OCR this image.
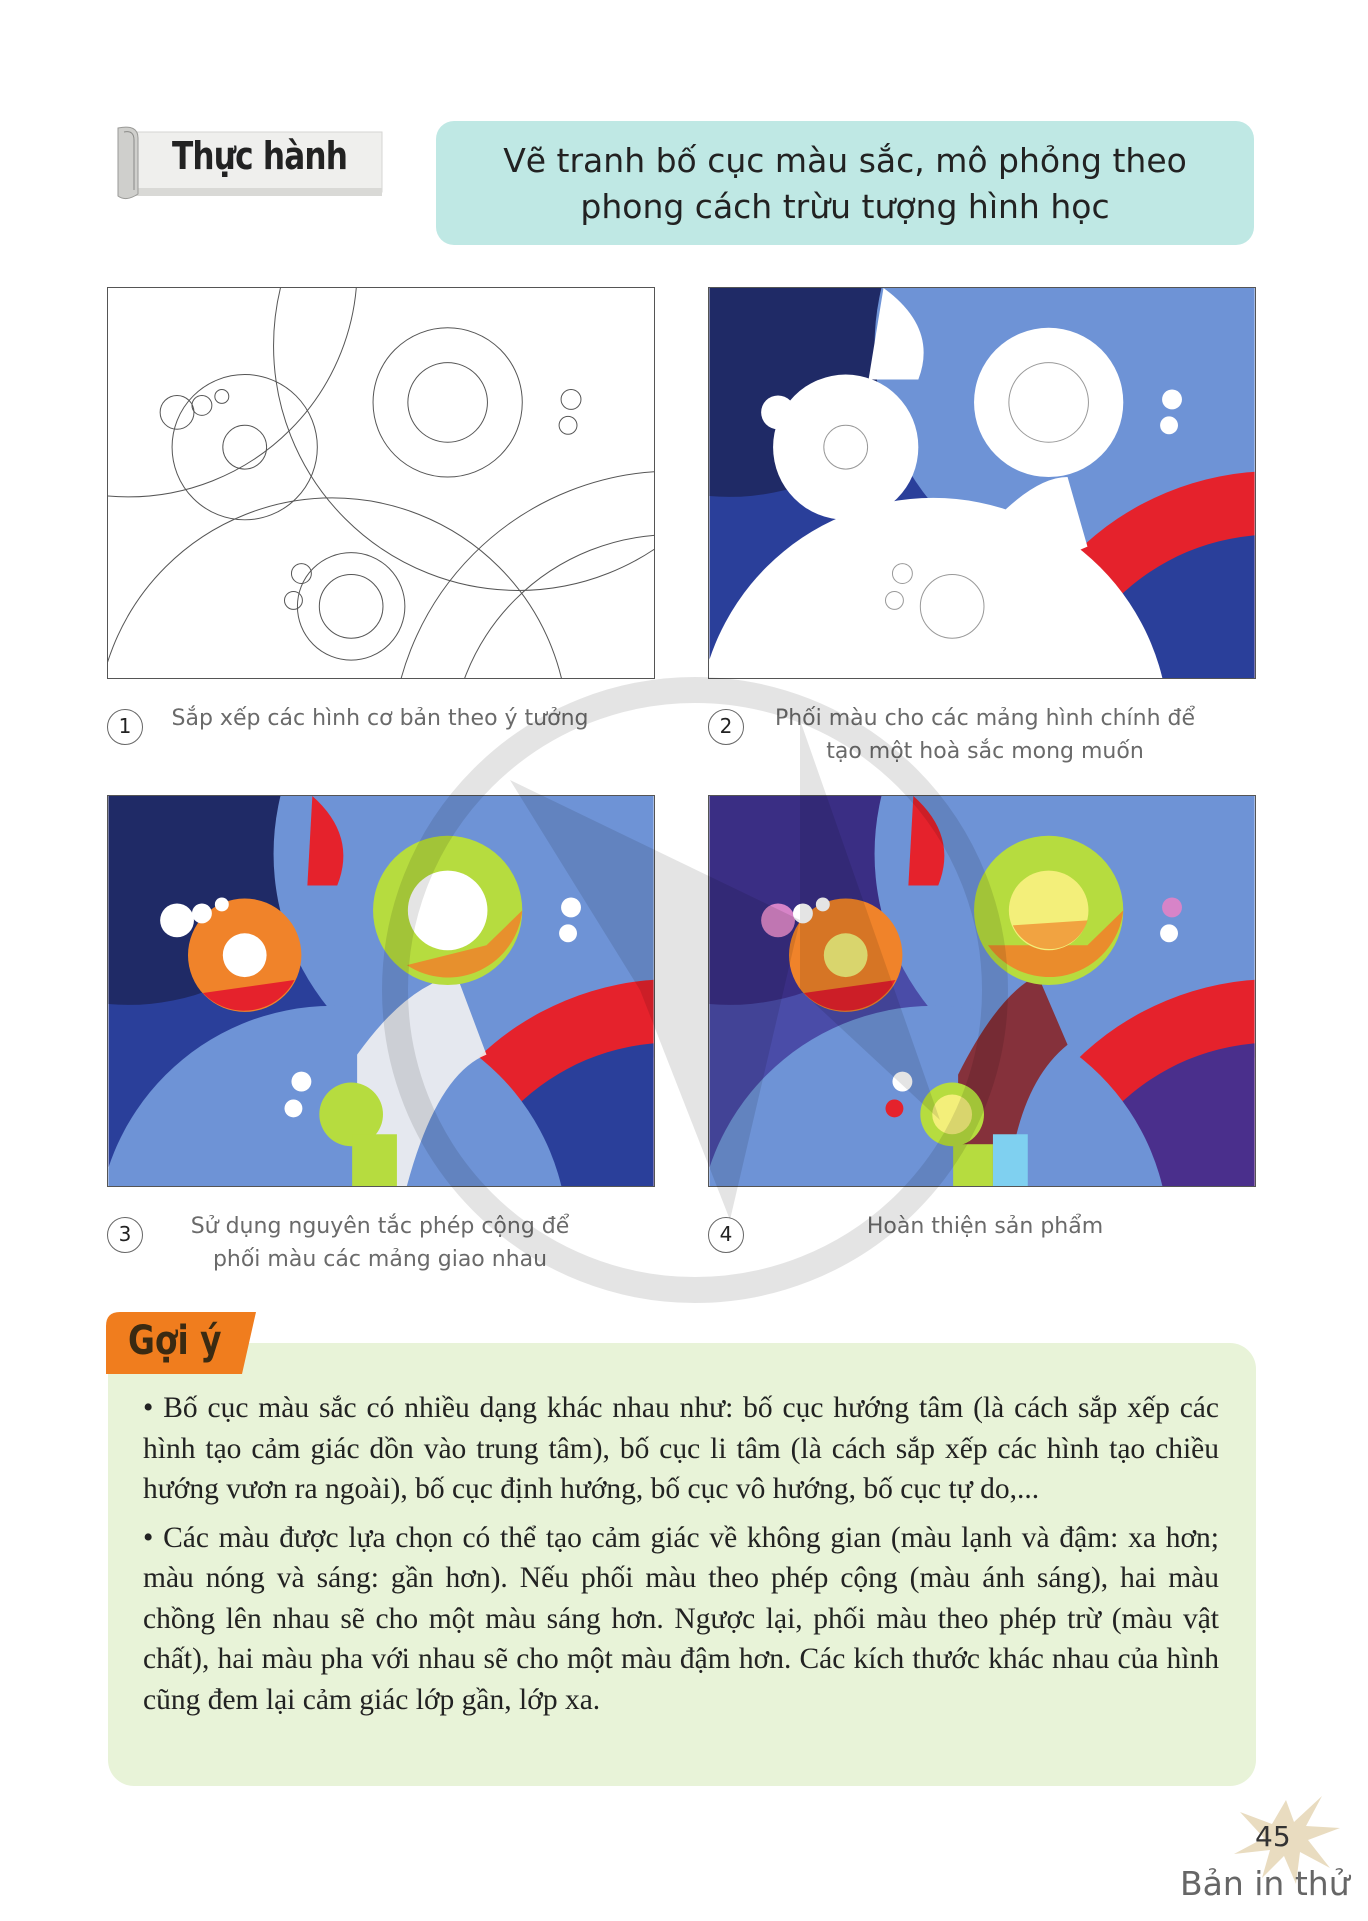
Thực hành	Vẽ tranh bố cục màu sắc, mô phỏng theo
phong cách trừu tượng hình học
1	Sắp xếp các hình cơ bản theo ý tưởng	2	Phối màu cho các mảng hình chính để
tạo một hoà sắc mong muốn
3	Sử dụng nguyên tắc phép cộng để
phối màu các mảng giao nhau
4	Hoàn thiện sản phẩm
Gợi ý

• Bố cục màu sắc có nhiều dạng khác nhau như: bố cục hướng tâm (là cách sắp xếp các hình tạo cảm giác dồn vào trung tâm), bố cục li tâm (là cách sắp xếp các hình tạo chiều hướng vươn ra ngoài), bố cục định hướng, bố cục vô hướng, bố cục tự do,...

• Các màu được lựa chọn có thể tạo cảm giác về không gian (màu lạnh và đậm: xa hơn; màu nóng và sáng: gần hơn). Nếu phối màu theo phép cộng (màu ánh sáng), hai màu chồng lên nhau sẽ cho một màu sáng hơn. Ngược lại, phối màu theo phép trừ (màu vật chất), hai màu pha với nhau sẽ cho một màu đậm hơn. Các kích thước khác nhau của hình cũng đem lại cảm giác lớp gần, lớp xa.

45
Bản in thử
